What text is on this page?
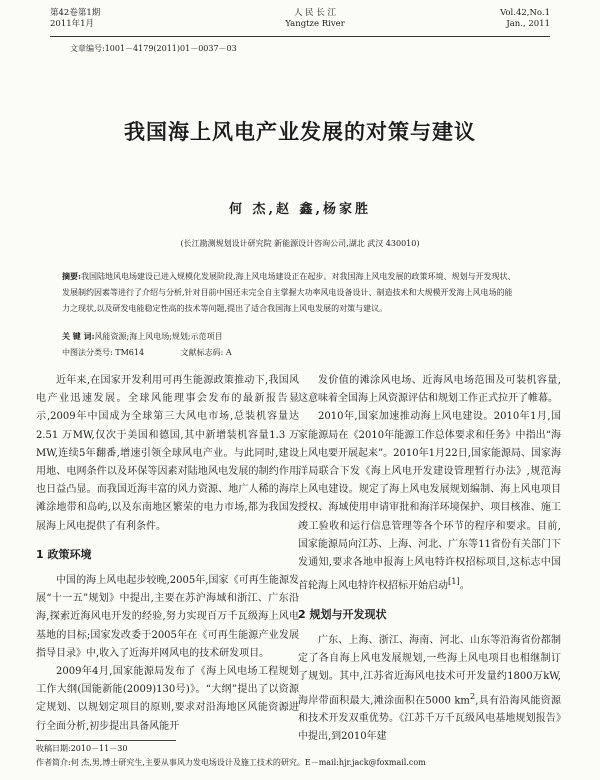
第42卷第1期
2011年1月
人 民 长 江
Yangtze River
Vol.42,No.1
Jan., 2011
文章编号:1001－4179(2011)01－0037－03
我国海上风电产业发展的对策与建议
何 杰,赵 鑫,杨家胜
(长江勘测规划设计研究院 新能源设计咨询公司,湖北 武汉 430010)
摘要:我国陆地风电场建设已进入规模化发展阶段,海上风电场建设正在起步。对我国海上风电发展的政策环境、规划与开发现状、发展制约因素等进行了介绍与分析,针对目前中国还未完全自主掌握大功率风电设备设计、制造技术和大规模开发海上风电场的能力之现状,以及研发电能稳定性高的技术等问题,提出了适合我国海上风电发展的对策与建议。
关 键 词:风能资源;海上风电场;规划;示范项目
中图法分类号: TM614	文献标志码: A

近年来,在国家开发利用可再生能源政策推动下,我国风电产业迅速发展。全球风能理事会发布的最新报告显示,2009年中国成为全球第三大风电市场,总装机容量达2.51 万MW,仅次于美国和德国,其中新增装机容量1.3 万MW,连续5年翻番,增速引领全球风电产业。与此同时,建设用地、电网条件以及环保等因素对陆地风电发展的制约作用也日益凸显。而我国近海丰富的风力资源、地广人稀的海岸滩涂地带和岛屿,以及东南地区繁荣的电力市场,都为我国发展海上风电提供了有利条件。

1 政策环境

中国的海上风电起步较晚,2005年,国家《可再生能源发展“十一五”规划》中提出,主要在苏沪海域和浙江、广东沿海,探索近海风电开发的经验,努力实现百万千瓦级海上风电基地的目标;国家发改委于2005年在《可再生能源产业发展指导目录》中,收入了近海并网风电的技术研发项目。

2009年4月,国家能源局发布了《海上风电场工程规划工作大纲(国能新能(2009)130号)》。“大纲”提出了以资源定规划、以规划定项目的原则,要求对沿海地区风能资源进行全面分析,初步提出具备风能开

发价值的滩涂风电场、近海风电场范围及可装机容量,这意味着全国海上风资源评估和规划工作正式拉开了帷幕。

2010年,国家加速推动海上风电建设。2010年1月,国家能源局在《2010年能源工作总体要求和任务》中指出“海上风电要开展起来”。2010年1月22日,国家能源局、国家海洋局联合下发《海上风电开发建设管理暂行办法》,规范海上风电建设。规定了海上风电发展规划编制、海上风电项目授权、海域使用申请审批和海洋环境保护、项目核准、施工竣工验收和运行信息管理等各个环节的程序和要求。目前,国家能源局向江苏、上海、河北、广东等11省份有关部门下发通知,要求各地申报海上风电特许权招标项目,这标志中国首轮海上风电特许权招标开始启动[1]。

2 规划与开发现状

广东、上海、浙江、海南、河北、山东等沿海省份都制定了各自海上风电发展规划,一些海上风电项目也相继制订了规划。其中,江苏省近海风电技术可开发量约1800万kW,海岸带面积最大,滩涂面积在5000 $km^2$,具有沿海风能资源和技术开发双重优势。《江苏千万千瓦级风电基地规划报告》中提出,到2010年建

收稿日期:2010－11－30
作者简介:何 杰,男,博士研究生,主要从事风力发电场设计及施工技术的研究。E－mail:hjr.jack@foxmail.com
